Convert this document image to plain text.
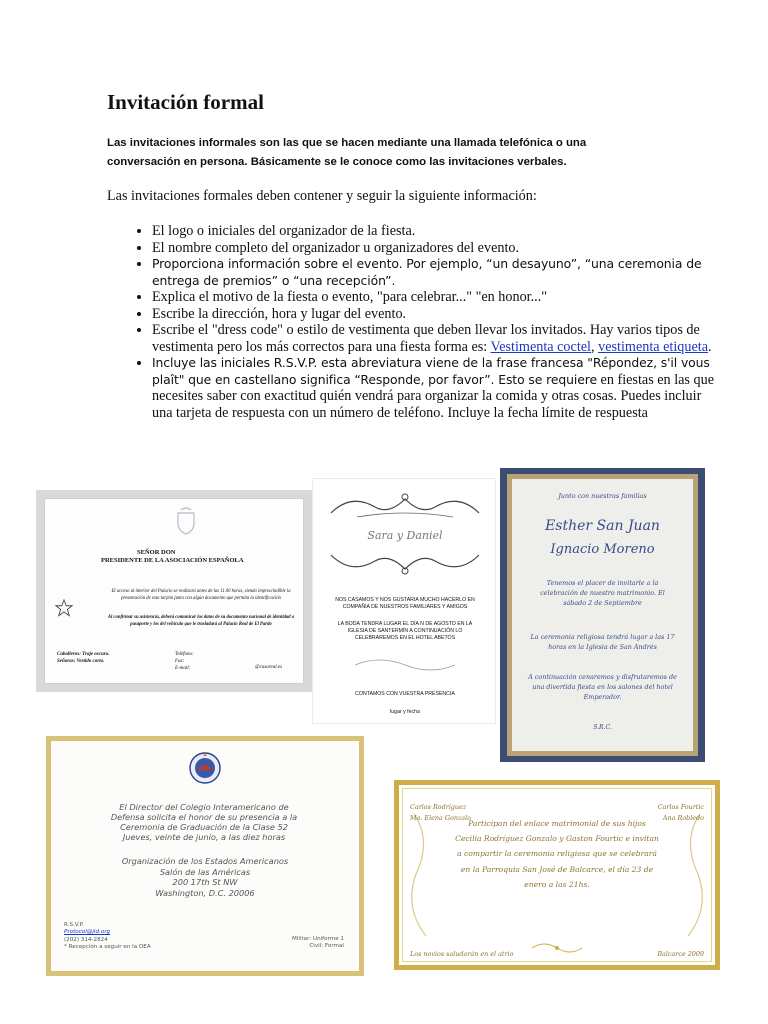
Invitación formal

Las invitaciones informales son las que se hacen mediante una llamada telefónica o una conversación en persona. Básicamente se le conoce como las invitaciones verbales.

Las invitaciones formales deben contener y seguir la siguiente información:

• El logo o iniciales del organizador de la fiesta.
• El nombre completo del organizador u organizadores del evento.
• Proporciona información sobre el evento. Por ejemplo, “un desayuno”, “una ceremonia de entrega de premios” o “una recepción”.
• Explica el motivo de la fiesta o evento, "para celebrar..." "en honor..."
• Escribe la dirección, hora y lugar del evento.
• Escribe el "dress code" o estilo de vestimenta que deben llevar los invitados. Hay varios tipos de vestimenta pero los más correctos para una fiesta forma es: Vestimenta coctel, vestimenta etiqueta.
• Incluye las iniciales R.S.V.P. esta abreviatura viene de la frase francesa "Répondez, s'il vous plaît" que en castellano significa “Responde, por favor”. Esto se requiere en fiestas en las que necesites saber con exactitud quién vendrá para organizar la comida y otras cosas. Puedes incluir una tarjeta de respuesta con un número de teléfono. Incluye la fecha límite de respuesta
SEÑOR DON
PRESIDENTE DE LA ASOCIACIÓN ESPAÑOLA
El acceso al interior del Palacio se realizará antes de las 11.00 horas, siendo imprescindible la presentación de esta tarjeta junto con algún documento que permita la identificación
Al confirmar su asistencia, deberá comunicar los datos de su documento nacional de identidad o pasaporte y los del vehículo que le trasladará al Palacio Real de El Pardo
Caballeros: Traje oscuro.
Señoras: Vestido corto.
Teléfono:
Fax:
E-mail:	@casareal.es
Sara y Daniel
NOS CASAMOS Y NOS GUSTARIA MUCHO HACERLO EN COMPAÑIA DE NUESTROS FAMILIARES Y AMIGOS
LA BODA TENDRA LUGAR EL DÍA N DE AGOSTO EN LA IGLESIA DE SANTERMÍN A CONTINUACIÓN LO CELEBRAREMOS EN EL HOTEL ABETOS
CONTAMOS CON VUESTRA PRESENCIA
lugar y fecha
Junto con nuestras familias
Esther San Juan
Ignacio Moreno
Tenemos el placer de invitarle a la celebración de nuestro matrimonio. El sábado 2 de Septiembre
La ceremonia religiosa tendrá lugar a las 17 horas en la Iglesia de San Andrés
A continuación cenaremos y disfrutaremos de una divertida fiesta en los salones del hotel Emperador.
S.R.C.
El Director del Colegio Interamericano de Defensa solicita el honor de su presencia a la Ceremonia de Graduación de la Clase 52 Jueves, veinte de junio, a las diez horas
Organización de los Estados Americanos
Salón de las Américas
200 17th St NW
Washington, D.C. 20006
R.S.V.P.
Protocol@jid.org
(202) 314-2824
* Recepción a seguir en la OEA
Militar: Uniforme 1
Civil: Formal
Carlos Rodríguez
Ma. Elena Gonzalo
Carlos Fourtic
Ana Robledo
Participan del enlace matrimonial de sus hijos Cecilia Rodríguez Gonzalo y Gaston Fourtic e invitan a compartir la ceremonia religiosa que se celebrará en la Parroquia San José de Balcarce, el día 23 de enero a las 21hs.
Los novios saludarán en el atrio	Balcarce 2009
